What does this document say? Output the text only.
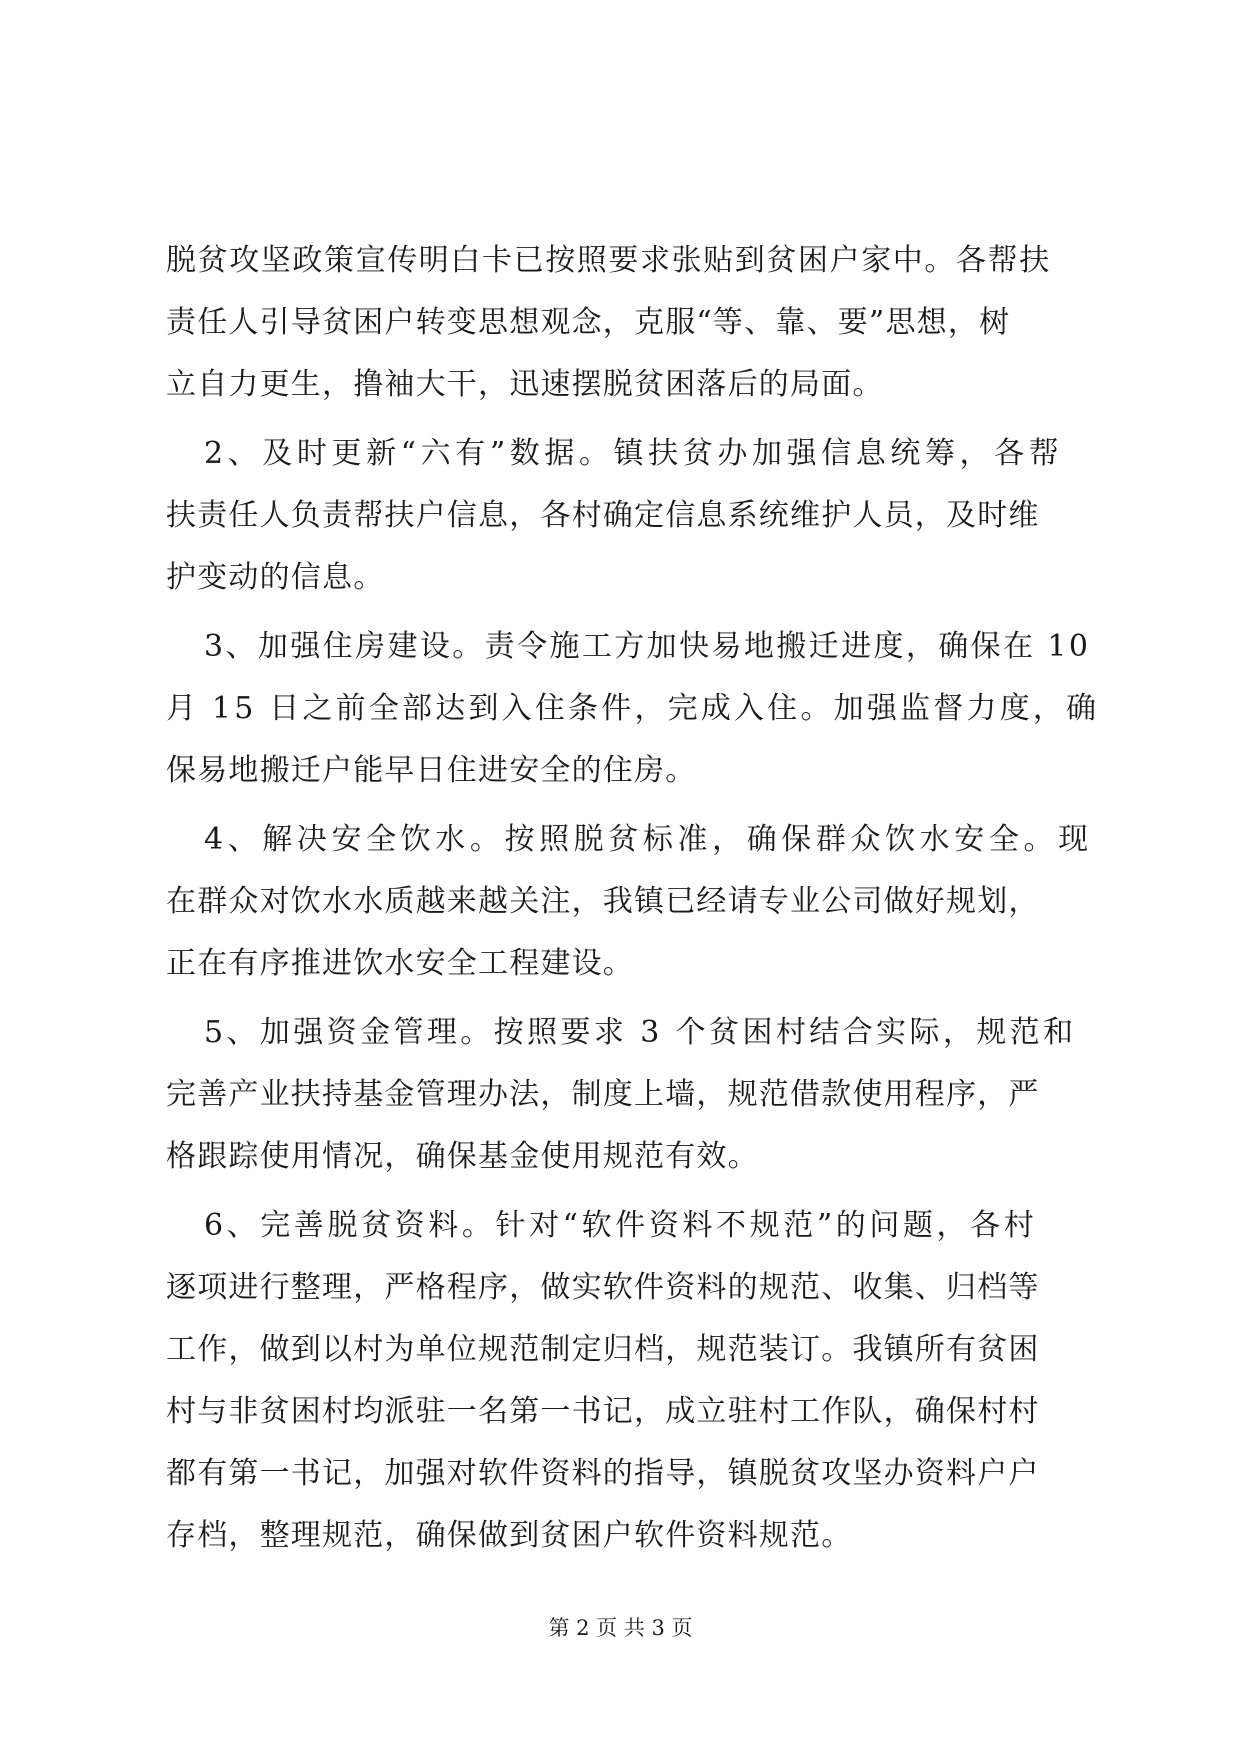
脱贫攻坚政策宣传明白卡已按照要求张贴到贫困户家中。各帮扶
责任人引导贫困户转变思想观念，克服“等、靠、要”思想，树
立自力更生，撸袖大干，迅速摆脱贫困落后的局面。
2、及时更新“六有”数据。镇扶贫办加强信息统筹，各帮
扶责任人负责帮扶户信息，各村确定信息系统维护人员，及时维
护变动的信息。
3、加强住房建设。责令施工方加快易地搬迁进度，确保在 10
月 15 日之前全部达到入住条件，完成入住。加强监督力度，确
保易地搬迁户能早日住进安全的住房。
4、解决安全饮水。按照脱贫标准，确保群众饮水安全。现
在群众对饮水水质越来越关注，我镇已经请专业公司做好规划，
正在有序推进饮水安全工程建设。
5、加强资金管理。按照要求 3 个贫困村结合实际，规范和
完善产业扶持基金管理办法，制度上墙，规范借款使用程序，严
格跟踪使用情况，确保基金使用规范有效。
6、完善脱贫资料。针对“软件资料不规范”的问题，各村
逐项进行整理，严格程序，做实软件资料的规范、收集、归档等
工作，做到以村为单位规范制定归档，规范装订。我镇所有贫困
村与非贫困村均派驻一名第一书记，成立驻村工作队，确保村村
都有第一书记，加强对软件资料的指导，镇脱贫攻坚办资料户户
存档，整理规范，确保做到贫困户软件资料规范。
第 2 页 共 3 页
